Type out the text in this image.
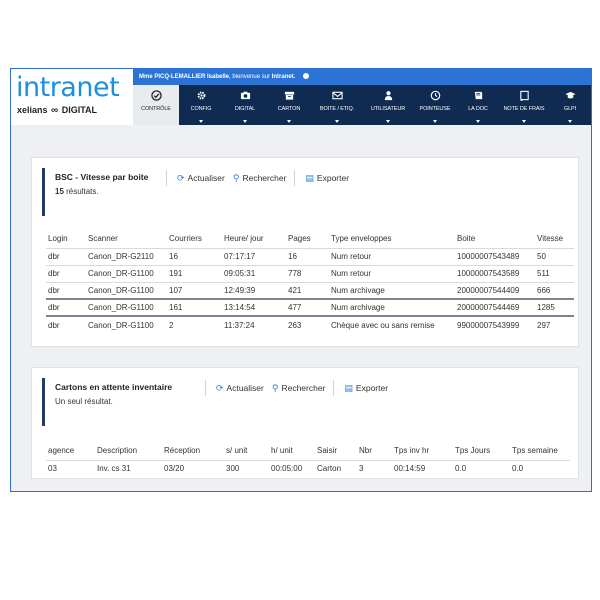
intranet
xelians ∞ DIGITAL
Mme PICQ-LEMALLIER Isabelle, bienvenue sur Intranet.
CONTRÔLE	CONFIG	DIGITAL	CARTON	BOITE / ETIQ.	UTILISATEUR	POINTEUSE	LA DOC	NOTE DE FRAIS	GLPI
BSC - Vitesse par boite
15 résultats.
⟳ Actualiser ⚲ Rechercher ▤ Exporter
Login	Scanner	Courriers	Heure/ jour	Pages	Type enveloppes	Boite	Vitesse
dbr	Canon_DR-G2110	16	07:17:17	16	Num retour	10000007543489	50
dbr	Canon_DR-G1100	191	09:05:31	778	Num retour	10000007543589	511
dbr	Canon_DR-G1100	107	12:49:39	421	Num archivage	20000007544409	666
dbr	Canon_DR-G1100	161	13:14:54	477	Num archivage	20000007544469	1285
dbr	Canon_DR-G1100	2	11:37:24	263	Chèque avec ou sans remise	99000007543999	297
Cartons en attente inventaire
Un seul résultat.
⟳ Actualiser ⚲ Rechercher ▤ Exporter
agence	Description	Réception	s/ unit	h/ unit	Saisir	Nbr	Tps inv hr	Tps Jours	Tps semaine
03	Inv. cs 31	03/20	300	00:05:00	Carton	3	00:14:59	0.0	0.0
